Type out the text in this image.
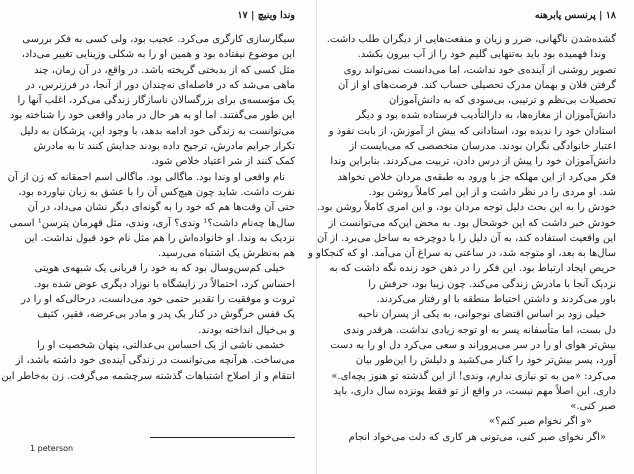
وندا وینیچ | ۱۷
سیگارسازی کارگری می‌کرد. عجیب بود، ولی کسی به فکر بررسی
این موضوع نیفتاده بود و همین او را به شکلی وزینایی تغییر می‌داد،
مثل کسی که از بدبختی گریخته باشد. در واقع، در آن زمان، چند
ماهی می‌شد که در فاصله‌ای نه‌چندان دور از آنجا، در فرزنرس، در
یک مؤسسه‌ی برای بزرگسالان ناسازگار زندگی می‌کرد، اغلب آنها را
این طور می‌گفتند. اما او به هر حال در مادر واقعی خود را شناخته بود
می‌توانست به زندگی خود ادامه بدهد، با وجود این، پزشکان به دلیل
تکرار جرایم مادرش، ترجیح داده بودند جدایش کنند تا به مادرش
کمک کنند از شر اعتیاد خلاص شود.
نام واقعی او وندا بود. ماگالی بود. ماگالی اسم احمقانه که زن از آن
نفرت داشت. شاید چون هیچ‌کس آن را با عشق به زبان نیاورده بود،
حتی آن وقت‌ها هم که خود را به گونه‌ای دیگر نشان می‌داد، در آن
سال‌ها چه‌نام داشت؟¹ وندی؟ آری، وندی، مثل قهرمان پترسن¹ اسمی
نزدیک به وندا. او خانواده‌اش را هم مثل نام خود قبول نداشت. این
هم به‌نظرش یک اشتباه می‌رسید.
خیلی کم‌سن‌وسال بود که به خود را قربانی یک شبهه‌ی هویتی
احساس کرد، احتمالاً در زایشگاه با نوزاد دیگری عوض شده بود.
ثروت و موفقیت را تقدیر حتمی خود می‌دانست، درحالی‌که او را در
یک قفس خرگوش در کنار یک پدر و مادر بی‌عرضه، فقیر، کثیف
و بی‌خیال انداخته بودند.
خشمی ناشی از یک احساس بی‌عدالتی، پنهان شخصیت او را
می‌ساخت. هرآنچه می‌توانست در زندگی آینده‌ی خود داشته باشد، از
انتقام و از اصلاح اشتباهات گذشته سرچشمه می‌گرفت. زن به‌خاطر این
1 peterson
۱۸ | پرنسس پابرهنه
گشده‌شدن ناگهانی، ضرر و زیان و منفعت‌هایی از دیگران طلب داشت.
وندا فهمیده بود باید به‌تنهایی گلیم خود را از آب بیرون بکشد.
تصویر روشنی از آینده‌ی خود نداشت، اما می‌دانست نمی‌تواند روی
گرفتن فلان و بهمان مدرک تحصیلی حساب کند. فرصت‌های او از آن
تحصیلات بی‌نظم و ترتیبی، بی‌سودی که به دانش‌آموزان
دانش‌آموزان از مغازه‌ها، به دارالتأدیب فرستاده شده بود و دیگر
استادان خود را ندیده بود، استادانی که بیش از آموزش، از بابت نفوذ و
اعتبار خانوادگی نگران بودند. مدرسان متخصصی که می‌بایست از
دانش‌آموزان خود را پیش از درس دادن، تربیت می‌کردند. بنابراین وندا
فکر می‌کرد از این مهلکه جز با ورود به طبقه‌ی مردان خلاص نخواهد
شد. او مردی را در نظر داشت و از این امر کاملاً روشن بود.
خودش را به این بحث دلیل توجه مردان بود، و این امری کاملاً روشن بود.
خودش خبر داشت که این خوشحال بود. به محض این‌که می‌توانست از
این واقعیت استفاده کند، به آن دلیل را با دوچرخه به ساحل می‌برد. از آن
سال‌ها به بعد، او متوجه شد، در ساعتی به سراغ آن می‌آمد. او که کنجکاو و
حریص ایجاد ارتباط بود. این فکر را در ذهن خود زنده نگه داشت که به
نزدیک آنجا با مادرش زندگی می‌کند. چون زیبا بود، حرفش را
باور می‌کردند و داشتن احتیاط منطقه با او رفتار می‌کردند.
خیلی زود بر اساس اقتضای نوجوانی، به یکی از پسران ناحیه
دل بست، اما متأسفانه پسر به او توجه زیادی نداشت. هرقدر وندی
بیش‌تر هوای او را در سر می‌پروراند و سعی می‌کرد دل او را به دست
آورد، پسر بیش‌تر خود را کنار می‌کشید و دلیلش را این‌طور بیان
می‌کرد: «من به تو نیازی ندارم، وندی! از این گذشته تو هنوز بچه‌ای.»
داری. این اصلاً مهم نیست، در واقع از تو فقط پونزده سال داری، باید
صبر کنی.»
«و اگر نخوام صبر کنم؟»
«اگر نخوای صبر کنی، می‌تونی هر کاری که دلت می‌خواد انجام
